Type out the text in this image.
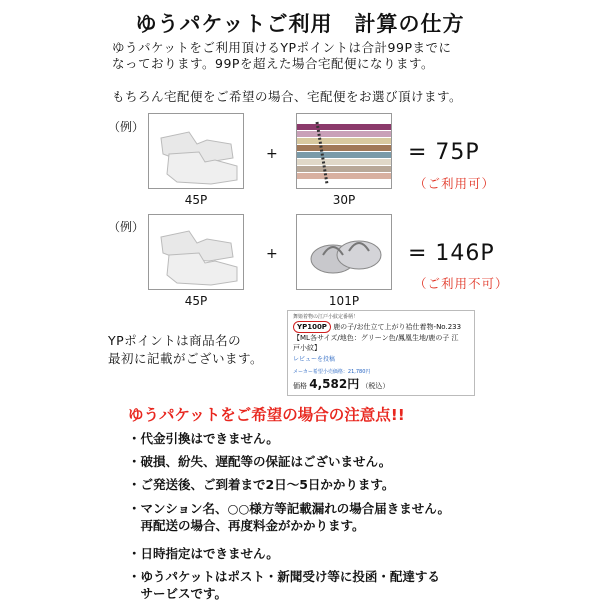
ゆうパケットご利用　計算の仕方

ゆうパケットをご利用頂けるYPポイントは合計99Pまでに

なっております。99Pを超えた場合宅配便になります。

もちろん宅配便をご希望の場合、宅配便をお選び頂けます。

（例）
+
45P	30P
= 75P
（ご利用可）
（例）
+
45P	101P
= 146P
（ご利用不可）

YPポイントは商品名の

最初に記載がございます。

舞姫着物の江戸小紋定番柄！
YP100P 鹿の子/お仕立て上がり袷仕着物-No.233
【ML各サイズ/地色：グリーン色/鳳凰生地/鹿の子 江
戸小紋】
レビューを投稿
メーカー希望小売価格：21,780円
価格 4,582円 （税込）
ゆうパケットをご希望の場合の注意点!!
・代金引換はできません。
・破損、紛失、遅配等の保証はございません。
・ご発送後、ご到着まで2日～5日かかります。
・マンション名、○○様方等記載漏れの場合届きません。
　再配送の場合、再度料金がかかります。
・日時指定はできません。
・ゆうパケットはポスト・新聞受け等に投函・配達する
　サービスです。
